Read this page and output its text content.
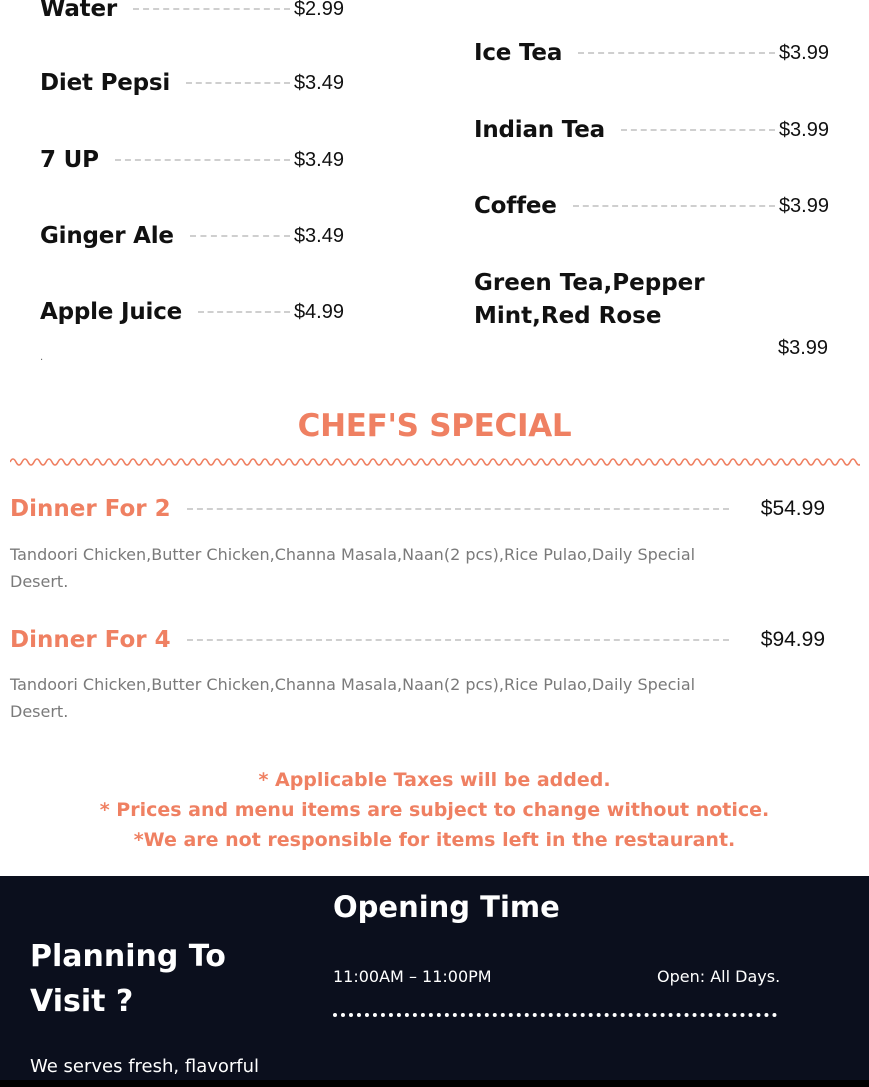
Water	$2.99
Diet Pepsi	$3.49
7 UP	$3.49
Ginger Ale	$3.49
Apple Juice	$4.99
.
Ice Tea	$3.99
Indian Tea	$3.99
Coffee	$3.99
Green Tea,Pepper Mint,Red Rose
$3.99
CHEF'S SPECIAL
Dinner For 2	$54.99
Tandoori Chicken,Butter Chicken,Channa Masala,Naan(2 pcs),Rice Pulao,Daily Special Desert.
Dinner For 4	$94.99
Tandoori Chicken,Butter Chicken,Channa Masala,Naan(2 pcs),Rice Pulao,Daily Special Desert.
* Applicable Taxes will be added.
* Prices and menu items are subject to change without notice.
*We are not responsible for items left in the restaurant.
Planning To Visit ?
We serves fresh, flavorful
Opening Time
11:00AM – 11:00PM	Open: All Days.
